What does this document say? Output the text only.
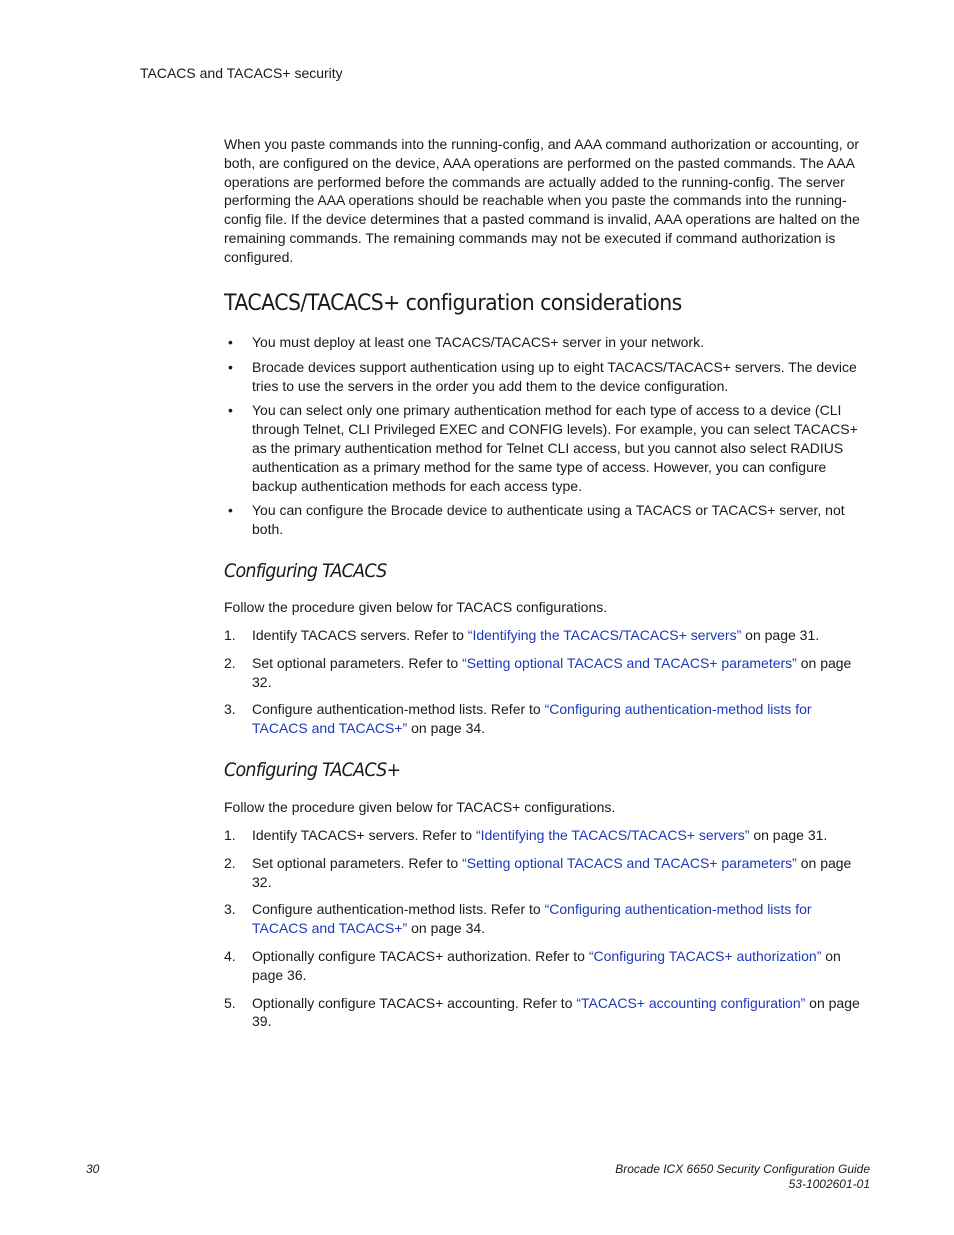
TACACS and TACACS+ security

When you paste commands into the running-config, and AAA command authorization or accounting, or both, are configured on the device, AAA operations are performed on the pasted commands. The AAA operations are performed before the commands are actually added to the running-config. The server performing the AAA operations should be reachable when you paste the commands into the running-config file. If the device determines that a pasted command is invalid, AAA operations are halted on the remaining commands. The remaining commands may not be executed if command authorization is configured.

TACACS/TACACS+ configuration considerations
• You must deploy at least one TACACS/TACACS+ server in your network.
• Brocade devices support authentication using up to eight TACACS/TACACS+ servers. The device tries to use the servers in the order you add them to the device configuration.
• You can select only one primary authentication method for each type of access to a device (CLI through Telnet, CLI Privileged EXEC and CONFIG levels). For example, you can select TACACS+ as the primary authentication method for Telnet CLI access, but you cannot also select RADIUS authentication as a primary method for the same type of access. However, you can configure backup authentication methods for each access type.
• You can configure the Brocade device to authenticate using a TACACS or TACACS+ server, not both.
Configuring TACACS

Follow the procedure given below for TACACS configurations.

1. Identify TACACS servers. Refer to “Identifying the TACACS/TACACS+ servers” on page 31.
2. Set optional parameters. Refer to “Setting optional TACACS and TACACS+ parameters” on page 32.
3. Configure authentication-method lists. Refer to “Configuring authentication-method lists for TACACS and TACACS+” on page 34.
Configuring TACACS+

Follow the procedure given below for TACACS+ configurations.

1. Identify TACACS+ servers. Refer to “Identifying the TACACS/TACACS+ servers” on page 31.
2. Set optional parameters. Refer to “Setting optional TACACS and TACACS+ parameters” on page 32.
3. Configure authentication-method lists. Refer to “Configuring authentication-method lists for TACACS and TACACS+” on page 34.
4. Optionally configure TACACS+ authorization. Refer to “Configuring TACACS+ authorization” on page 36.
5. Optionally configure TACACS+ accounting. Refer to “TACACS+ accounting configuration” on page 39.
30	Brocade ICX 6650 Security Configuration Guide
53-1002601-01
